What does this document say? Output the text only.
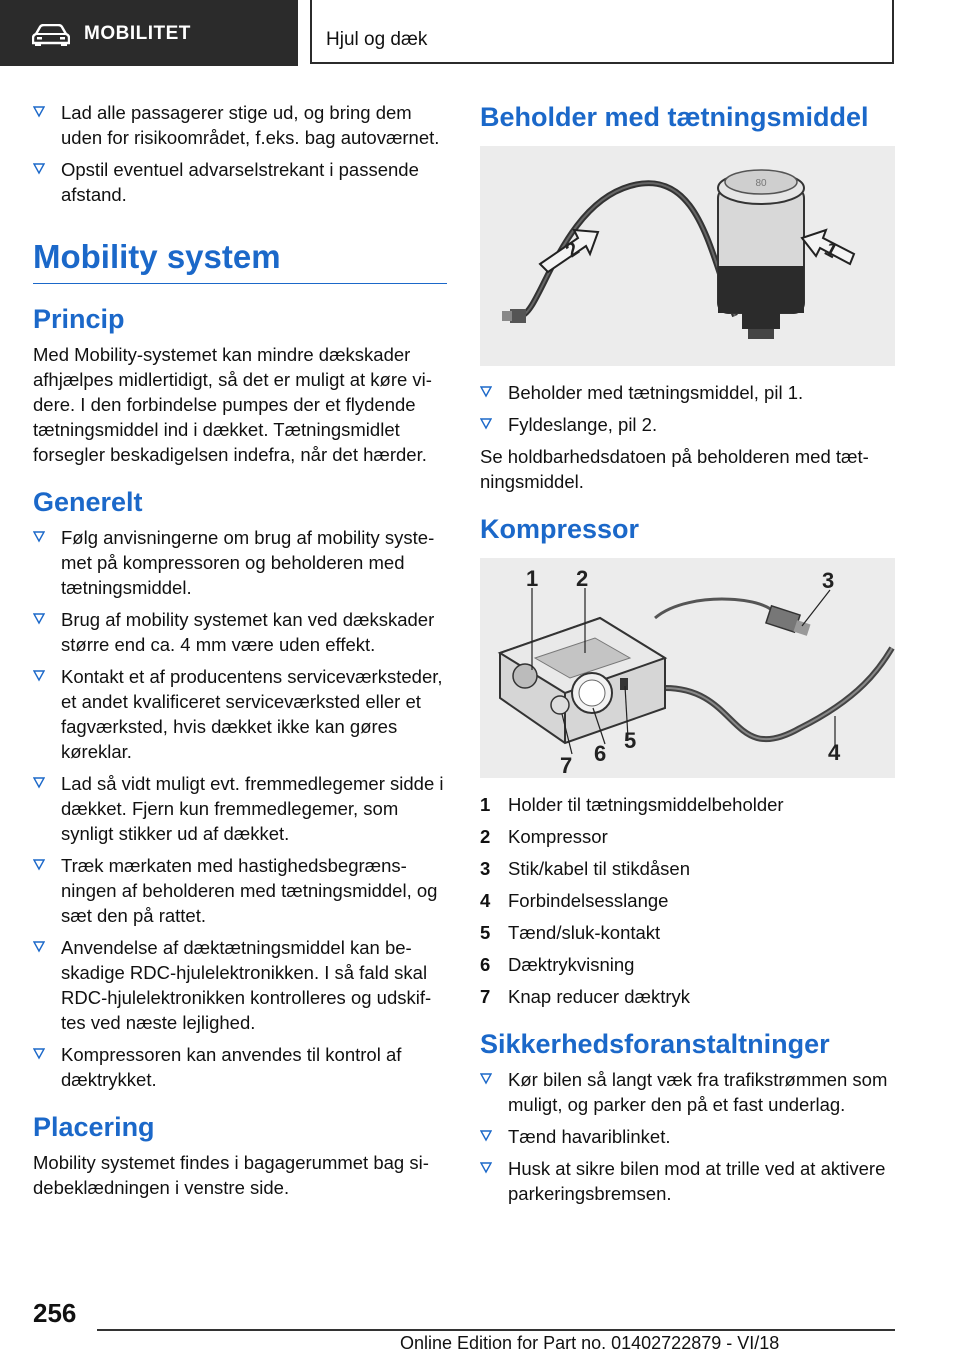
MOBILITET	Hjul og dæk
Lad alle passagerer stige ud, og bring dem uden for risikoområdet, f.eks. bag autoværnet.
Opstil eventuel advarselstrekant i passende afstand.
Mobility system
Princip

Med Mobility-systemet kan mindre dækskader afhjælpes midlertidigt, så det er muligt at køre videre. I den forbindelse pumpes der et flydende tætningsmiddel ind i dækket. Tætningsmidlet forsegler beskadigelsen indefra, når det hærder.

Generelt
Følg anvisningerne om brug af mobility systemet på kompressoren og beholderen med tætningsmiddel.
Brug af mobility systemet kan ved dækskader større end ca. 4 mm være uden effekt.
Kontakt et af producentens serviceværksteder, et andet kvalificeret serviceværksted eller et fagværksted, hvis dækket ikke kan gøres køreklar.
Lad så vidt muligt evt. fremmedlegemer sidde i dækket. Fjern kun fremmedlegemer, som synligt stikker ud af dækket.
Træk mærkaten med hastighedsbegrænsningen af beholderen med tætningsmiddel, og sæt den på rattet.
Anvendelse af dæktætningsmiddel kan beskadige RDC-hjulelektronikken. I så fald skal RDC-hjulelektronikken kontrolleres og udskiftes ved næste lejlighed.
Kompressoren kan anvendes til kontrol af dæktrykket.
Placering

Mobility systemet findes i bagagerummet bag sidebeklædningen i venstre side.

Beholder med tætningsmiddel
80
2	1
Beholder med tætningsmiddel, pil 1.
Fyldeslange, pil 2.

Se holdbarhedsdatoen på beholderen med tætningsmiddel.

Kompressor
1 2	3
4
5
6
7
1 Holder til tætningsmiddelbeholder
2 Kompressor
3 Stik/kabel til stikdåsen
4 Forbindelsesslange
5 Tænd/sluk-kontakt
6 Dæktrykvisning
7 Knap reducer dæktryk
Sikkerhedsforanstaltninger
Kør bilen så langt væk fra trafikstrømmen som muligt, og parker den på et fast underlag.
Tænd havariblinket.
Husk at sikre bilen mod at trille ved at aktivere parkeringsbremsen.
256
Online Edition for Part no. 01402722879 - VI/18
